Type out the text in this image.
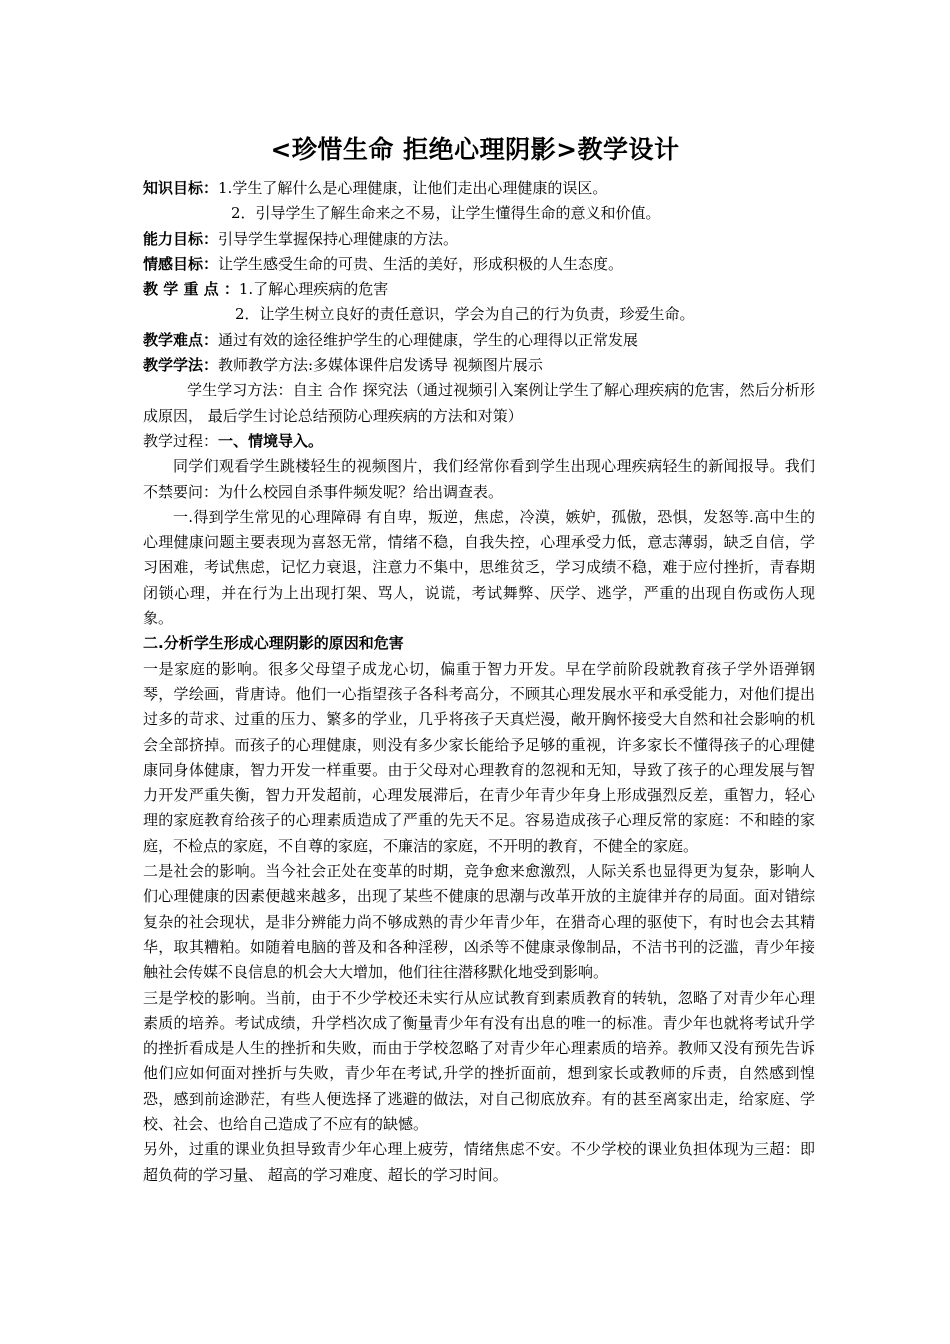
<珍惜生命 拒绝心理阴影>教学设计
知识目标：1.学生了解什么是心理健康，让他们走出心理健康的误区。
2．引导学生了解生命来之不易，让学生懂得生命的意义和价值。
能力目标：引导学生掌握保持心理健康的方法。
情感目标：让学生感受生命的可贵、生活的美好，形成积极的人生态度。
教 学 重 点 ：1.了解心理疾病的危害
2．让学生树立良好的责任意识，学会为自己的行为负责，珍爱生命。
教学难点：通过有效的途径维护学生的心理健康，学生的心理得以正常发展
教学学法：教师教学方法:多媒体课件启发诱导 视频图片展示
学生学习方法：自主 合作 探究法（通过视频引入案例让学生了解心理疾病的危害，然后分析形成原因， 最后学生讨论总结预防心理疾病的方法和对策）
教学过程：一、情境导入。
同学们观看学生跳楼轻生的视频图片，我们经常你看到学生出现心理疾病轻生的新闻报导。我们不禁要问：为什么校园自杀事件频发呢？给出调查表。
一.得到学生常见的心理障碍 有自卑，叛逆，焦虑，冷漠，嫉妒，孤傲，恐惧，发怒等.高中生的心理健康问题主要表现为喜怒无常，情绪不稳，自我失控，心理承受力低，意志薄弱，缺乏自信，学习困难，考试焦虑，记忆力衰退，注意力不集中，思维贫乏，学习成绩不稳，难于应付挫折，青春期闭锁心理，并在行为上出现打架、骂人，说谎，考试舞弊、厌学、逃学，严重的出现自伤或伤人现象。
二.分析学生形成心理阴影的原因和危害
一是家庭的影响。很多父母望子成龙心切，偏重于智力开发。早在学前阶段就教育孩子学外语弹钢琴，学绘画，背唐诗。他们一心指望孩子各科考高分，不顾其心理发展水平和承受能力，对他们提出过多的苛求、过重的压力、繁多的学业，几乎将孩子天真烂漫，敞开胸怀接受大自然和社会影响的机会全部挤掉。而孩子的心理健康，则没有多少家长能给予足够的重视，许多家长不懂得孩子的心理健康同身体健康，智力开发一样重要。由于父母对心理教育的忽视和无知，导致了孩子的心理发展与智力开发严重失衡，智力开发超前，心理发展滞后，在青少年青少年身上形成强烈反差，重智力，轻心理的家庭教育给孩子的心理素质造成了严重的先天不足。容易造成孩子心理反常的家庭：不和睦的家庭，不检点的家庭，不自尊的家庭，不廉洁的家庭，不开明的教育，不健全的家庭。
二是社会的影响。当今社会正处在变革的时期，竞争愈来愈激烈，人际关系也显得更为复杂，影响人们心理健康的因素便越来越多，出现了某些不健康的思潮与改革开放的主旋律并存的局面。面对错综复杂的社会现状，是非分辨能力尚不够成熟的青少年青少年，在猎奇心理的驱使下，有时也会去其精华，取其糟粕。如随着电脑的普及和各种淫秽，凶杀等不健康录像制品，不洁书刊的泛滥，青少年接触社会传媒不良信息的机会大大增加，他们往往潜移默化地受到影响。
三是学校的影响。当前，由于不少学校还未实行从应试教育到素质教育的转轨，忽略了对青少年心理素质的培养。考试成绩，升学档次成了衡量青少年有没有出息的唯一的标准。青少年也就将考试升学的挫折看成是人生的挫折和失败，而由于学校忽略了对青少年心理素质的培养。教师又没有预先告诉他们应如何面对挫折与失败，青少年在考试,升学的挫折面前，想到家长或教师的斥责，自然感到惶恐，感到前途渺茫，有些人便选择了逃避的做法，对自己彻底放弃。有的甚至离家出走，给家庭、学校、社会、也给自己造成了不应有的缺憾。
另外，过重的课业负担导致青少年心理上疲劳，情绪焦虑不安。不少学校的课业负担体现为三超：即超负荷的学习量、 超高的学习难度、超长的学习时间。
